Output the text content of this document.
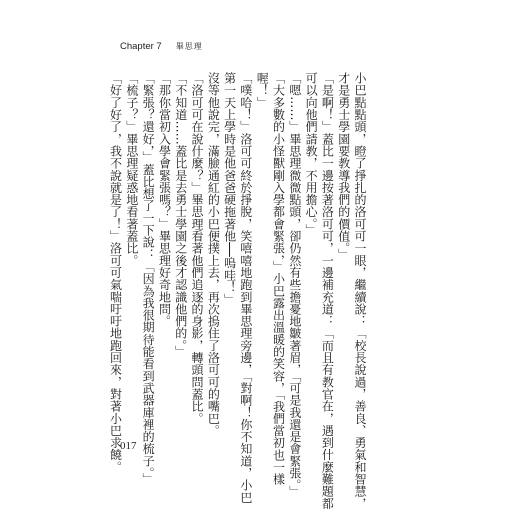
Chapter 7 畢思理

小巴點點頭，瞪了掙扎的洛可可一眼，繼續說：「校長說過，善良、勇氣和智慧，

才是勇士學園要教導我們的價值。」

「是啊！」蓋比一邊按著洛可可，一邊補充道：「而且有教官在，遇到什麼難題都

可以向他們請教，不用擔心。」

「嗯……」畢思理微微點頭，卻仍然有些擔憂地皺著眉，「可是我還是會緊張。」

「大多數的小怪獸剛入學都會緊張，」小巴露出溫暖的笑容，「我們當初也一樣

喔！」

「噗哈！」洛可可終於掙脫，笑嘻嘻地跑到畢思理旁邊，「對啊！你不知道，小巴

第一天上學時是他爸爸硬拖著他──嗚哇！」

沒等他說完，滿臉通紅的小巴便撲上去，再次摀住了洛可可的嘴巴。

「洛可可在說什麼？」畢思理看著他們追逐的身影，轉頭問蓋比。

「不知道……蓋比是去勇士學園之後才認識他們的。」

「那你當初入學會緊張嗎？」畢思理好奇地問。

「緊張？還好，」蓋比想了一下說：「因為我很期待能看到武器庫裡的梳子。」

「梳子？」畢思理疑惑地看著蓋比。

「好了好了，我不說就是了！」洛可可氣喘吁吁地跑回來，對著小巴求饒。

017
